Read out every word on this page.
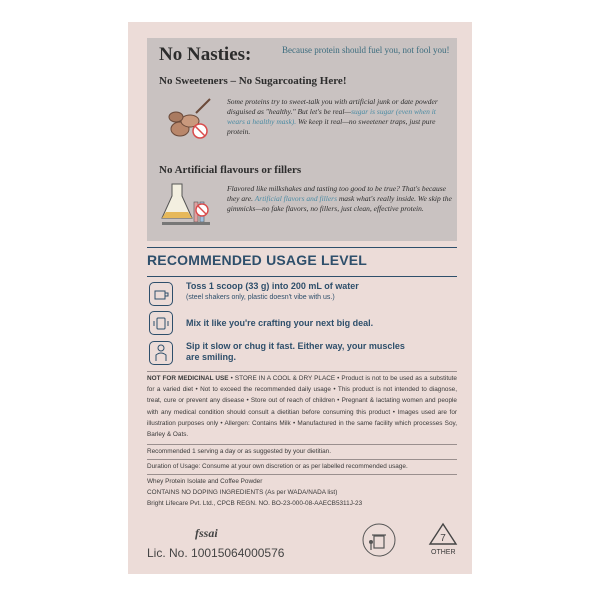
No Nasties:	Because protein should fuel you, not fool you!
No Sweeteners – No Sugarcoating Here!
Some proteins try to sweet-talk you with artificial junk or date powder disguised as "healthy." But let's be real—sugar is sugar (even when it wears a healthy mask). We keep it real—no sweetener traps, just pure protein.
No Artificial flavours or fillers
Flavored like milkshakes and tasting too good to be true? That's because they are. Artificial flavors and fillers mask what's really inside. We skip the gimmicks—no fake flavors, no fillers, just clean, effective protein.
RECOMMENDED USAGE LEVEL
Toss 1 scoop (33 g) into 200 mL of water
(steel shakers only, plastic doesn't vibe with us.)
Mix it like you're crafting your next big deal.
Sip it slow or chug it fast. Either way, your muscles are smiling.
NOT FOR MEDICINAL USE • STORE IN A COOL & DRY PLACE • Product is not to be used as a substitute for a varied diet • Not to exceed the recommended daily usage • This product is not intended to diagnose, treat, cure or prevent any disease • Store out of reach of children • Pregnant & lactating women and people with any medical condition should consult a dietitian before consuming this product • Images used are for illustration purposes only • Allergen: Contains Milk • Manufactured in the same facility which processes Soy, Barley & Oats.
Recommended 1 serving a day or as suggested by your dietitian.
Duration of Usage: Consume at your own discretion or as per labelled recommended usage.
Whey Protein Isolate and Coffee Powder
CONTAINS NO DOPING INGREDIENTS (As per WADA/NADA list)
Bright Lifecare Pvt. Ltd., CPCB REGN. NO. BO-23-000-08-AAECB5311J-23
fssai
Lic. No. 10015064000576
7
OTHER
